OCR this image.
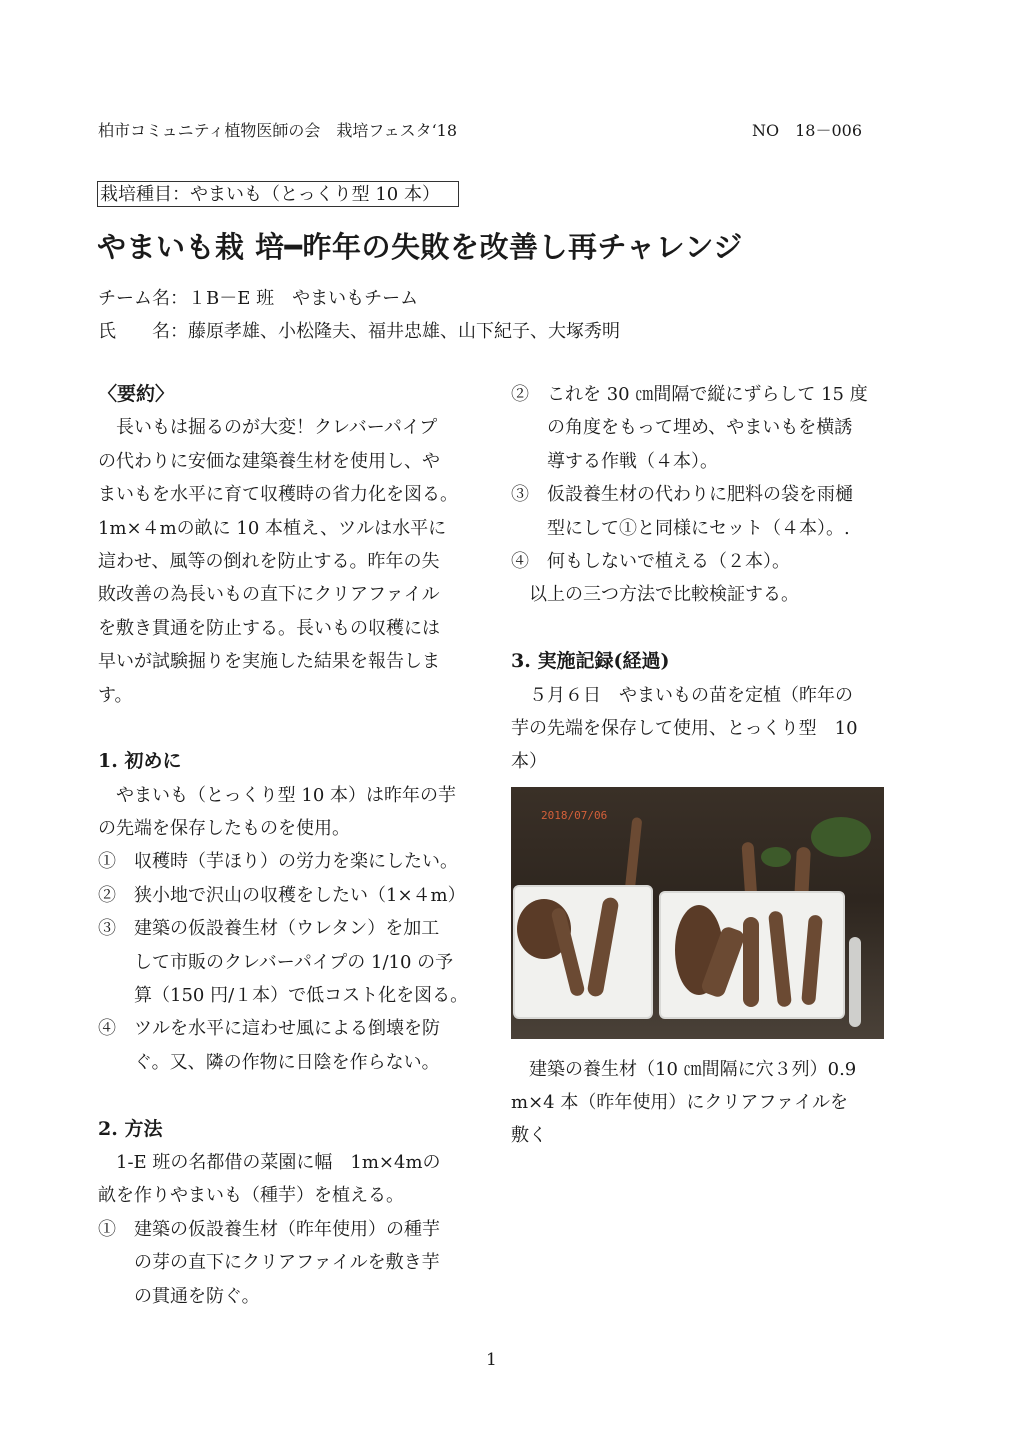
柏市コミュニティ植物医師の会　栽培フェスタ‘18	NO　18－006
栽培種目：やまいも（とっくり型 10 本）
やまいも栽 培━昨年の失敗を改善し再チャレンジ
チーム名：１B－E 班　やまいもチーム
氏　　名：藤原孝雄、小松隆夫、福井忠雄、山下紀子、大塚秀明
〈要約〉
　長いもは掘るのが大変！クレバーパイプ
の代わりに安価な建築養生材を使用し、や
まいもを水平に育て収穫時の省力化を図る。
1m×４mの畝に 10 本植え、ツルは水平に
這わせ、風等の倒れを防止する。昨年の失
敗改善の為長いもの直下にクリアファイル
を敷き貫通を防止する。長いもの収穫には
早いが試験掘りを実施した結果を報告しま
す。
1. 初めに
　やまいも（とっくり型 10 本）は昨年の芋
の先端を保存したものを使用。
①　収穫時（芋ほり）の労力を楽にしたい。
②　狭小地で沢山の収穫をしたい（1×４m）
③　建築の仮設養生材（ウレタン）を加工
　　して市販のクレバーパイプの 1/10 の予
　　算（150 円/１本）で低コスト化を図る。
④　ツルを水平に這わせ風による倒壊を防
　　ぐ。又、隣の作物に日陰を作らない。
2. 方法
　1‐E 班の名都借の菜園に幅　1m×4mの
畝を作りやまいも（種芋）を植える。
①　建築の仮設養生材（昨年使用）の種芋
　　の芽の直下にクリアファイルを敷き芋
　　の貫通を防ぐ。
②　これを 30 ㎝間隔で縦にずらして 15 度
　　の角度をもって埋め、やまいもを横誘
　　導する作戦（４本）。
③　仮設養生材の代わりに肥料の袋を雨樋
　　型にして①と同様にセット（４本）。.
④　何もしないで植える（２本）。
　以上の三つ方法で比較検証する。
3. 実施記録(経過)
　５月６日　やまいもの苗を定植（昨年の
芋の先端を保存して使用、とっくり型　10
本）
2018/07/06
　建築の養生材（10 ㎝間隔に穴３列）0.9
m×4 本（昨年使用）にクリアファイルを
敷く
1
